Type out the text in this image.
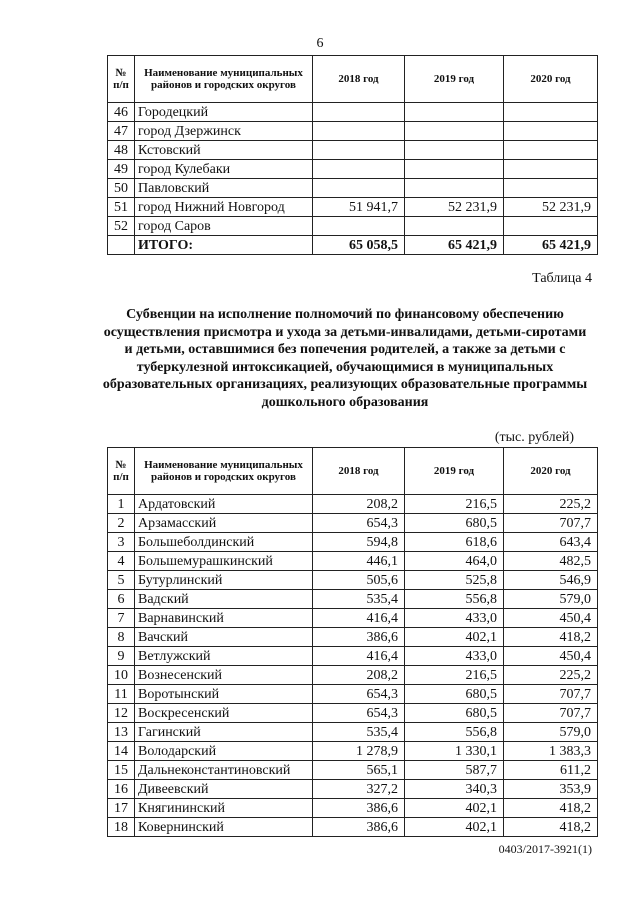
6
№ п/п	Наименование муниципальных районов и городских округов	2018 год	2019 год	2020 год
46	Городецкий			
47	город Дзержинск			
48	Кстовский			
49	город Кулебаки			
50	Павловский			
51	город Нижний Новгород	51 941,7	52 231,9	52 231,9
52	город Саров			
	ИТОГО:	65 058,5	65 421,9	65 421,9
Таблица 4
Субвенции на исполнение полномочий по финансовому обеспечению осуществления присмотра и ухода за детьми-инвалидами, детьми-сиротами и детьми, оставшимися без попечения родителей, а также за детьми с туберкулезной интоксикацией, обучающимися в муниципальных образовательных организациях, реализующих образовательные программы дошкольного образования
(тыс. рублей)
№ п/п	Наименование муниципальных районов и городских округов	2018 год	2019 год	2020 год
1	Ардатовский	208,2	216,5	225,2
2	Арзамасский	654,3	680,5	707,7
3	Большеболдинский	594,8	618,6	643,4
4	Большемурашкинский	446,1	464,0	482,5
5	Бутурлинский	505,6	525,8	546,9
6	Вадский	535,4	556,8	579,0
7	Варнавинский	416,4	433,0	450,4
8	Вачский	386,6	402,1	418,2
9	Ветлужский	416,4	433,0	450,4
10	Вознесенский	208,2	216,5	225,2
11	Воротынский	654,3	680,5	707,7
12	Воскресенский	654,3	680,5	707,7
13	Гагинский	535,4	556,8	579,0
14	Володарский	1 278,9	1 330,1	1 383,3
15	Дальнеконстантиновский	565,1	587,7	611,2
16	Дивеевский	327,2	340,3	353,9
17	Княгининский	386,6	402,1	418,2
18	Ковернинский	386,6	402,1	418,2
0403/2017-3921(1)
